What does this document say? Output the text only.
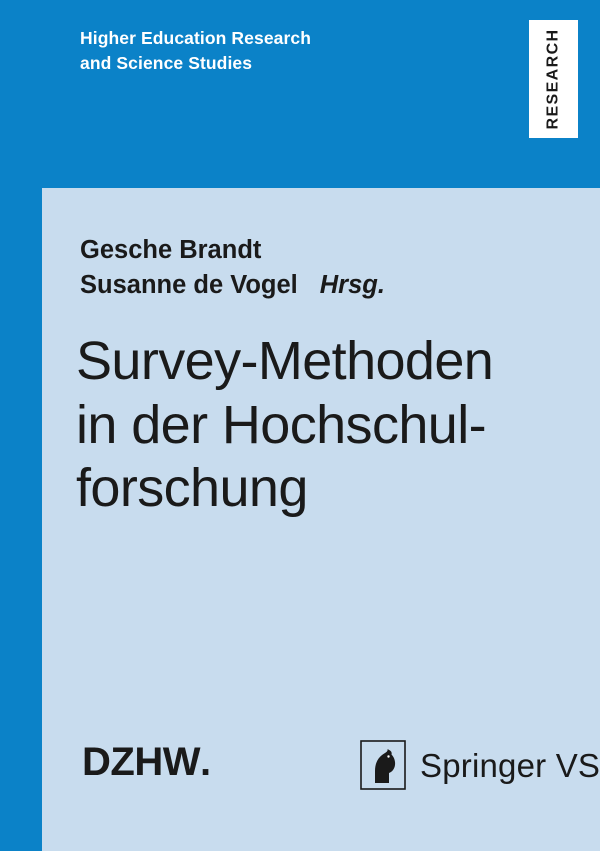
Higher Education Research
and Science Studies	RESEARCH
Gesche Brandt
Susanne de Vogel Hrsg.
Survey-Methoden
in der Hochschul-
forschung
DZHW.	Springer VS
